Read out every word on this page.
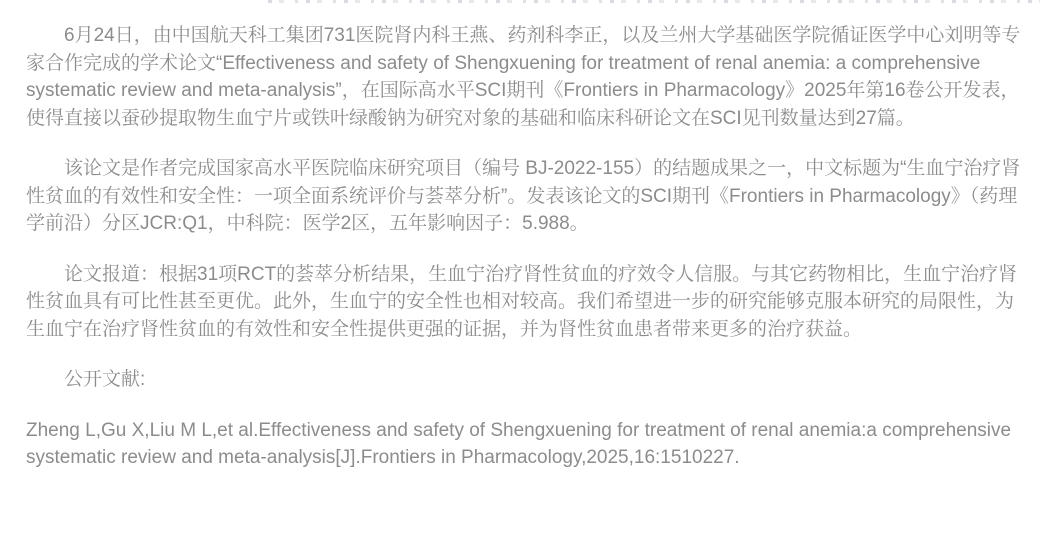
6月24日，由中国航天科工集团731医院肾内科王燕、药剂科李正，以及兰州大学基础医学院循证医学中心刘明等专家合作完成的学术论文“Effectiveness and safety of Shengxuening for treatment of renal anemia: a comprehensive systematic review and meta-analysis”，在国际高水平SCI期刊《Frontiers in Pharmacology》2025年第16卷公开发表，使得直接以蚕砂提取物生血宁片或铁叶绿酸钠为研究对象的基础和临床科研论文在SCI见刊数量达到27篇。

该论文是作者完成国家高水平医院临床研究项目（编号 BJ-2022-155）的结题成果之一，中文标题为“生血宁治疗肾性贫血的有效性和安全性：一项全面系统评价与荟萃分析”。发表该论文的SCI期刊《Frontiers in Pharmacology》（药理学前沿）分区JCR:Q1，中科院：医学2区，五年影响因子：5.988。

论文报道：根据31项RCT的荟萃分析结果，生血宁治疗肾性贫血的疗效令人信服。与其它药物相比，生血宁治疗肾性贫血具有可比性甚至更优。此外，生血宁的安全性也相对较高。我们希望进一步的研究能够克服本研究的局限性，为生血宁在治疗肾性贫血的有效性和安全性提供更强的证据，并为肾性贫血患者带来更多的治疗获益。

公开文献:

Zheng L,Gu X,Liu M L,et al.Effectiveness and safety of Shengxuening for treatment of renal anemia:a comprehensive systematic review and meta-analysis[J].Frontiers in Pharmacology,2025,16:1510227.
